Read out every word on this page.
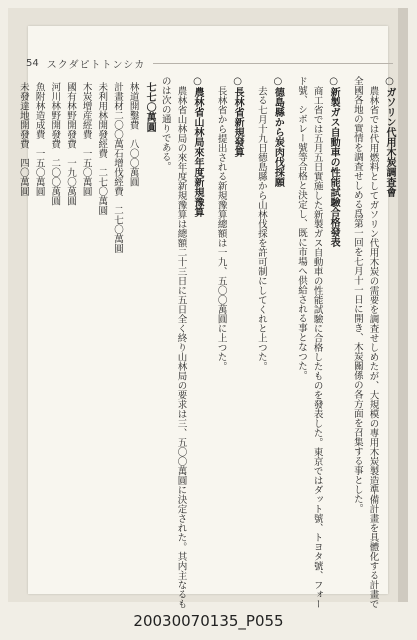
54 スクダピトトンシカ
○ガソリン代用木炭調査會
農林省では代用燃料としてガソリン代用木炭の需要を調査せしめたが、大規模の專用木炭製造準備計畫を具體化する計畫で全國各地の實情を調査せしめる爲第一回を七月十一日に開き、木炭關係の各方面を召集する事とした。
○新製ガス自動車の性能試驗合格發表
商工省では五月五日實施した新製ガス自動車の性能試驗に合格したものを發表した。東京ではダット號、トヨタ號、フォード號、シボレー號等合格と決定し、既に市場へ供給される事となつた。
○德島縣から炭肉伐採願
去る七月十九日德島縣から山林伐採を許可制にしてくれと上つた。
○長林省新規發算
長林省から提出される新規豫算總額は一九、五〇〇萬圓に上つた。
○農林省山林局來年度新規豫算
農林省山林局の來年度新規豫算は總額二十三日に五日全く終り山林局の要求は三、五〇〇萬圓に決定された。其内主なるものは次の通りである。
七七〇萬圓
林道開鑿費　八〇〇萬圓
計畫材二〇〇萬石增伐經費　二七〇萬圓
未利用林開發經費　二七〇萬圓
木炭增産經費　一五〇萬圓
國有林野開發費　一九〇萬圓
河川林野開發費　二〇〇萬圓
魚附林造成費　一五〇萬圓
未發達地開發費　四〇萬圓
20030070135_P055
